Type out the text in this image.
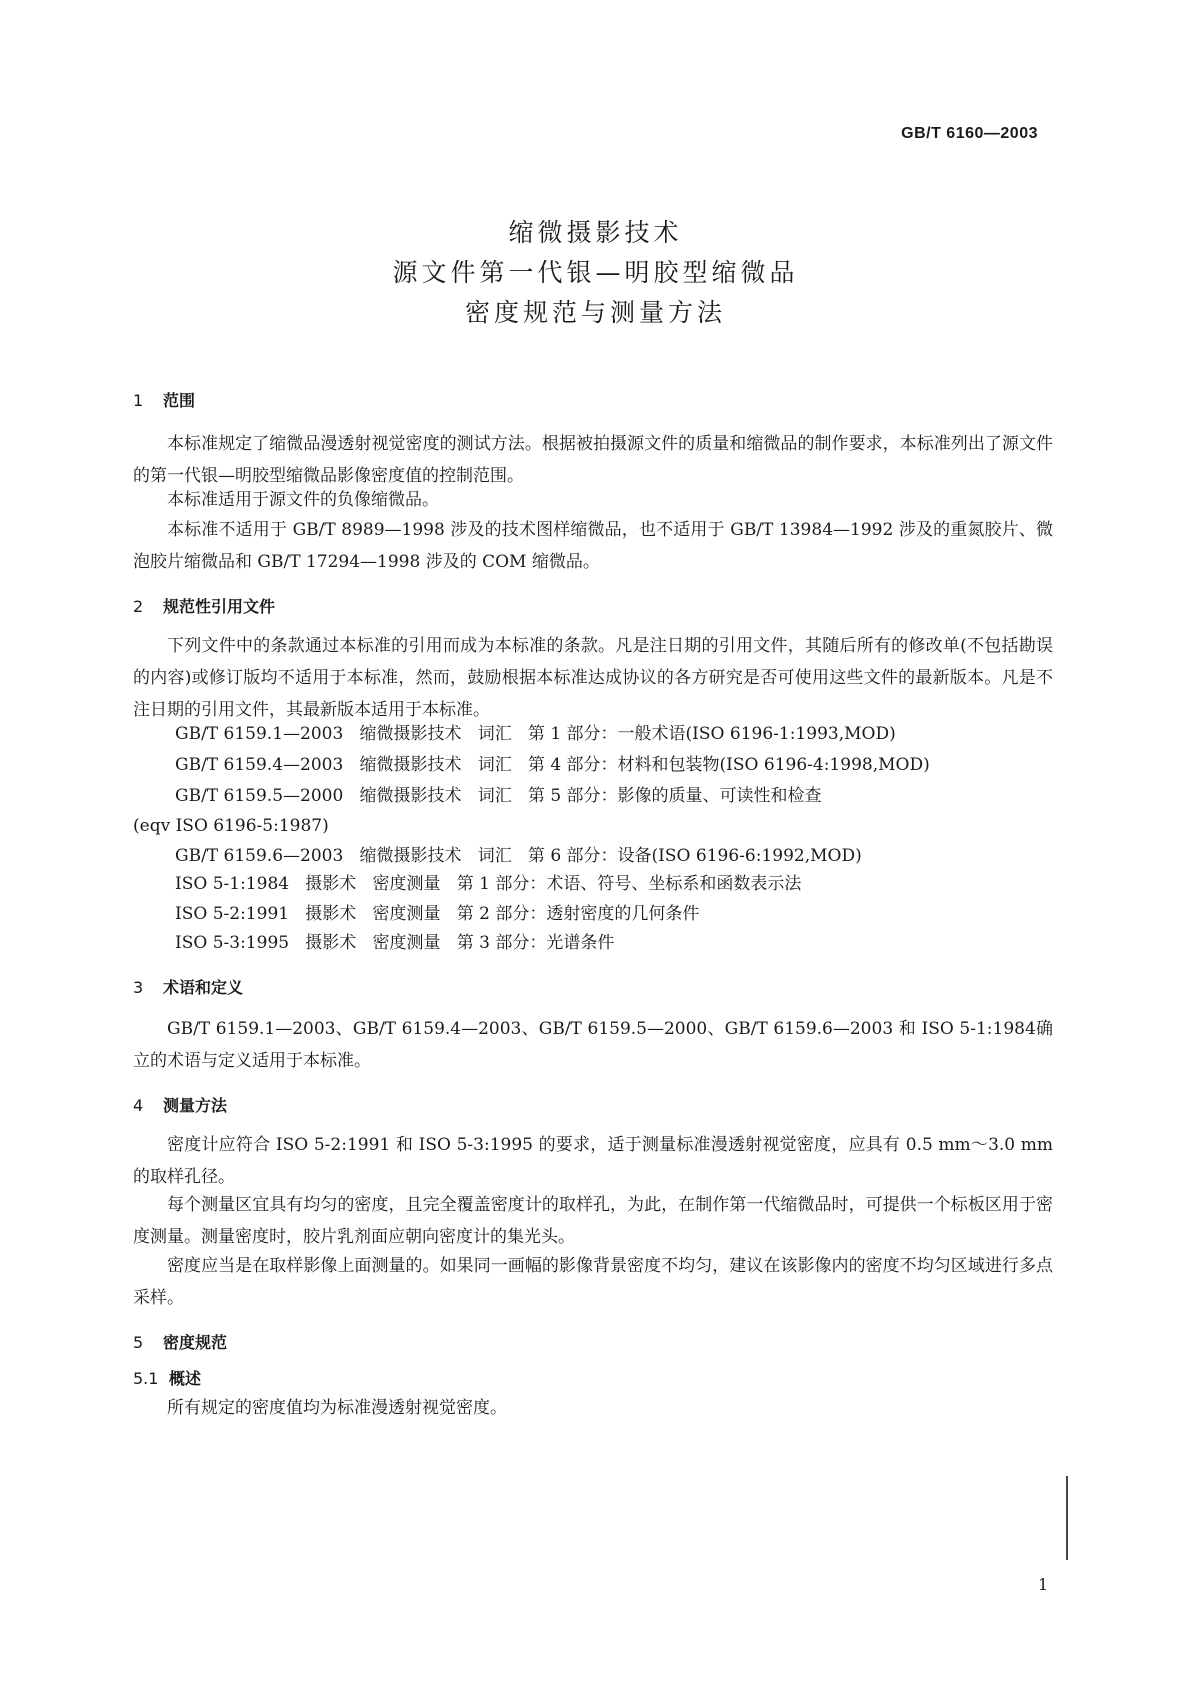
GB/T 6160—2003
缩微摄影技术
源文件第一代银—明胶型缩微品
密度规范与测量方法
1 范围
本标准规定了缩微品漫透射视觉密度的测试方法。根据被拍摄源文件的质量和缩微品的制作要求，本标准列出了源文件的第一代银—明胶型缩微品影像密度值的控制范围。
本标准适用于源文件的负像缩微品。
本标准不适用于 GB/T 8989—1998 涉及的技术图样缩微品，也不适用于 GB/T 13984—1992 涉及的重氮胶片、微泡胶片缩微品和 GB/T 17294—1998 涉及的 COM 缩微品。
2 规范性引用文件
下列文件中的条款通过本标准的引用而成为本标准的条款。凡是注日期的引用文件，其随后所有的修改单(不包括勘误的内容)或修订版均不适用于本标准，然而，鼓励根据本标准达成协议的各方研究是否可使用这些文件的最新版本。凡是不注日期的引用文件，其最新版本适用于本标准。
GB/T 6159.1—2003   缩微摄影技术   词汇   第 1 部分：一般术语(ISO 6196-1:1993,MOD)
GB/T 6159.4—2003   缩微摄影技术   词汇   第 4 部分：材料和包装物(ISO 6196-4:1998,MOD)
GB/T 6159.5—2000   缩微摄影技术   词汇   第 5 部分：影像的质量、可读性和检查
(eqv ISO 6196-5:1987)
GB/T 6159.6—2003   缩微摄影技术   词汇   第 6 部分：设备(ISO 6196-6:1992,MOD)
ISO 5-1:1984   摄影术   密度测量   第 1 部分：术语、符号、坐标系和函数表示法
ISO 5-2:1991   摄影术   密度测量   第 2 部分：透射密度的几何条件
ISO 5-3:1995   摄影术   密度测量   第 3 部分：光谱条件
3 术语和定义
GB/T 6159.1—2003、GB/T 6159.4—2003、GB/T 6159.5—2000、GB/T 6159.6—2003 和 ISO 5-1:1984确立的术语与定义适用于本标准。
4 测量方法
密度计应符合 ISO 5-2:1991 和 ISO 5-3:1995 的要求，适于测量标准漫透射视觉密度，应具有 0.5 mm～3.0 mm 的取样孔径。
每个测量区宜具有均匀的密度，且完全覆盖密度计的取样孔，为此，在制作第一代缩微品时，可提供一个标板区用于密度测量。测量密度时，胶片乳剂面应朝向密度计的集光头。
密度应当是在取样影像上面测量的。如果同一画幅的影像背景密度不均匀，建议在该影像内的密度不均匀区域进行多点采样。
5 密度规范
5.1 概述
所有规定的密度值均为标准漫透射视觉密度。
1
